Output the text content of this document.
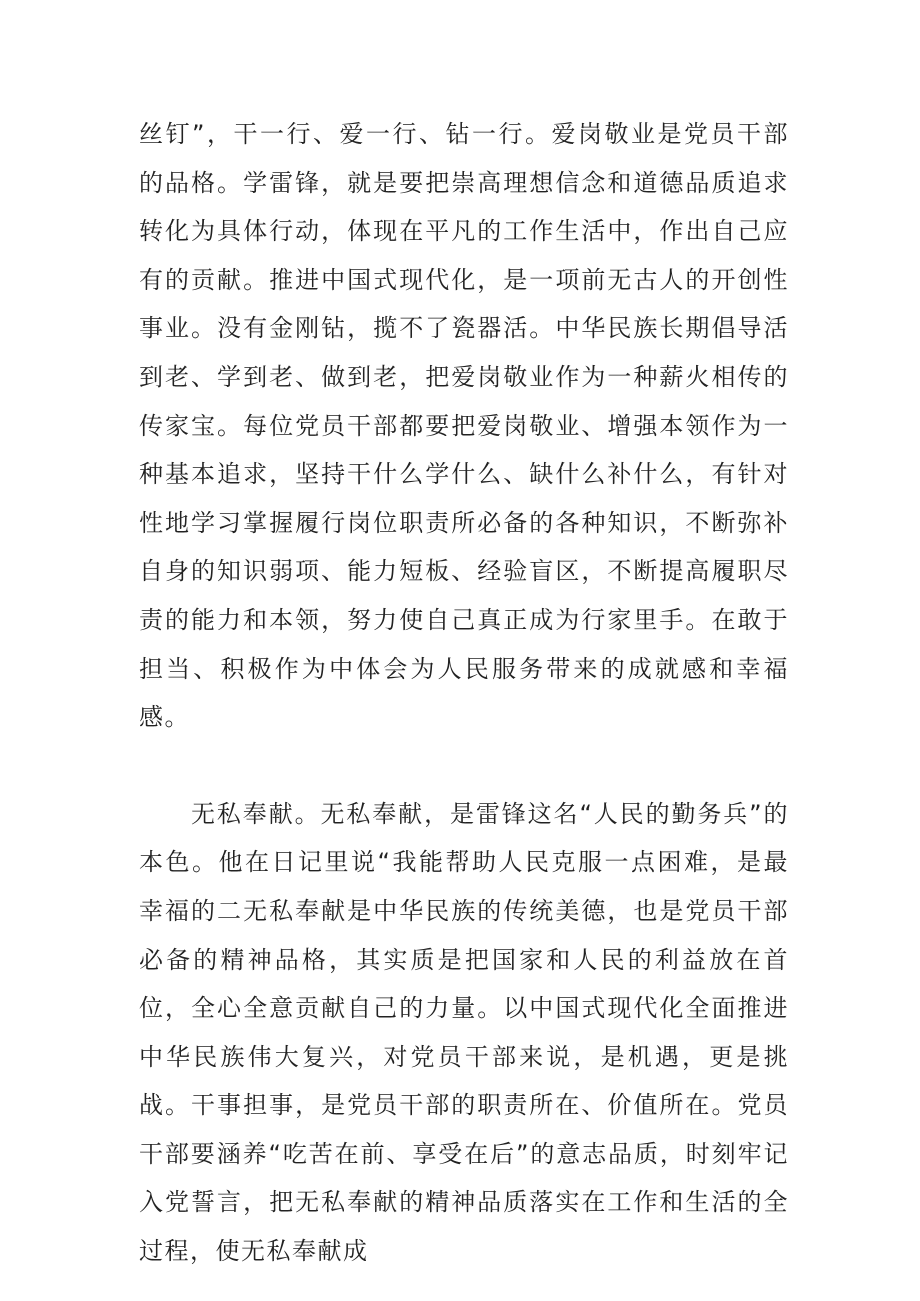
丝钉”，干一行、爱一行、钻一行。爱岗敬业是党员干部的品格。学雷锋，就是要把崇高理想信念和道德品质追求转化为具体行动，体现在平凡的工作生活中，作出自己应有的贡献。推进中国式现代化，是一项前无古人的开创性事业。没有金刚钻，揽不了瓷器活。中华民族长期倡导活到老、学到老、做到老，把爱岗敬业作为一种薪火相传的传家宝。每位党员干部都要把爱岗敬业、增强本领作为一种基本追求，坚持干什么学什么、缺什么补什么，有针对性地学习掌握履行岗位职责所必备的各种知识，不断弥补自身的知识弱项、能力短板、经验盲区，不断提高履职尽责的能力和本领，努力使自己真正成为行家里手。在敢于担当、积极作为中体会为人民服务带来的成就感和幸福感。

无私奉献。无私奉献，是雷锋这名“人民的勤务兵”的本色。他在日记里说“我能帮助人民克服一点困难，是最幸福的二无私奉献是中华民族的传统美德，也是党员干部必备的精神品格，其实质是把国家和人民的利益放在首位，全心全意贡献自己的力量。以中国式现代化全面推进中华民族伟大复兴，对党员干部来说，是机遇，更是挑战。干事担事，是党员干部的职责所在、价值所在。党员干部要涵养“吃苦在前、享受在后”的意志品质，时刻牢记入党誓言，把无私奉献的精神品质落实在工作和生活的全过程，使无私奉献成
